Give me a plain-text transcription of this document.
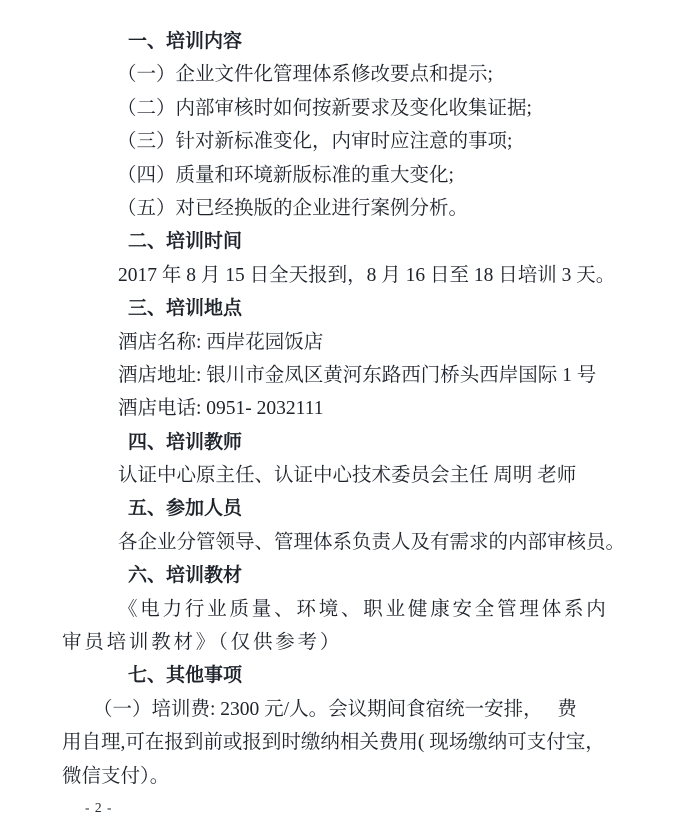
一、培训内容
（一）企业文件化管理体系修改要点和提示;
（二）内部审核时如何按新要求及变化收集证据;
（三）针对新标准变化，内审时应注意的事项;
（四）质量和环境新版标准的重大变化;
（五）对已经换版的企业进行案例分析。
二、培训时间
2017 年 8 月 15 日全天报到，8 月 16 日至 18 日培训 3 天。
三、培训地点
酒店名称: 西岸花园饭店
酒店地址: 银川市金凤区黄河东路西门桥头西岸国际 1 号
酒店电话: 0951- 2032111
四、培训教师
认证中心原主任、认证中心技术委员会主任 周明 老师
五、参加人员
各企业分管领导、管理体系负责人及有需求的内部审核员。
六、培训教材
《电力行业质量、环境、职业健康安全管理体系内
审员培训教材》（仅供参考）
七、其他事项
（一）培训费: 2300 元/人。会议期间食宿统一安排，   费
用自理,可在报到前或报到时缴纳相关费用( 现场缴纳可支付宝，
微信支付）。
- 2 -
